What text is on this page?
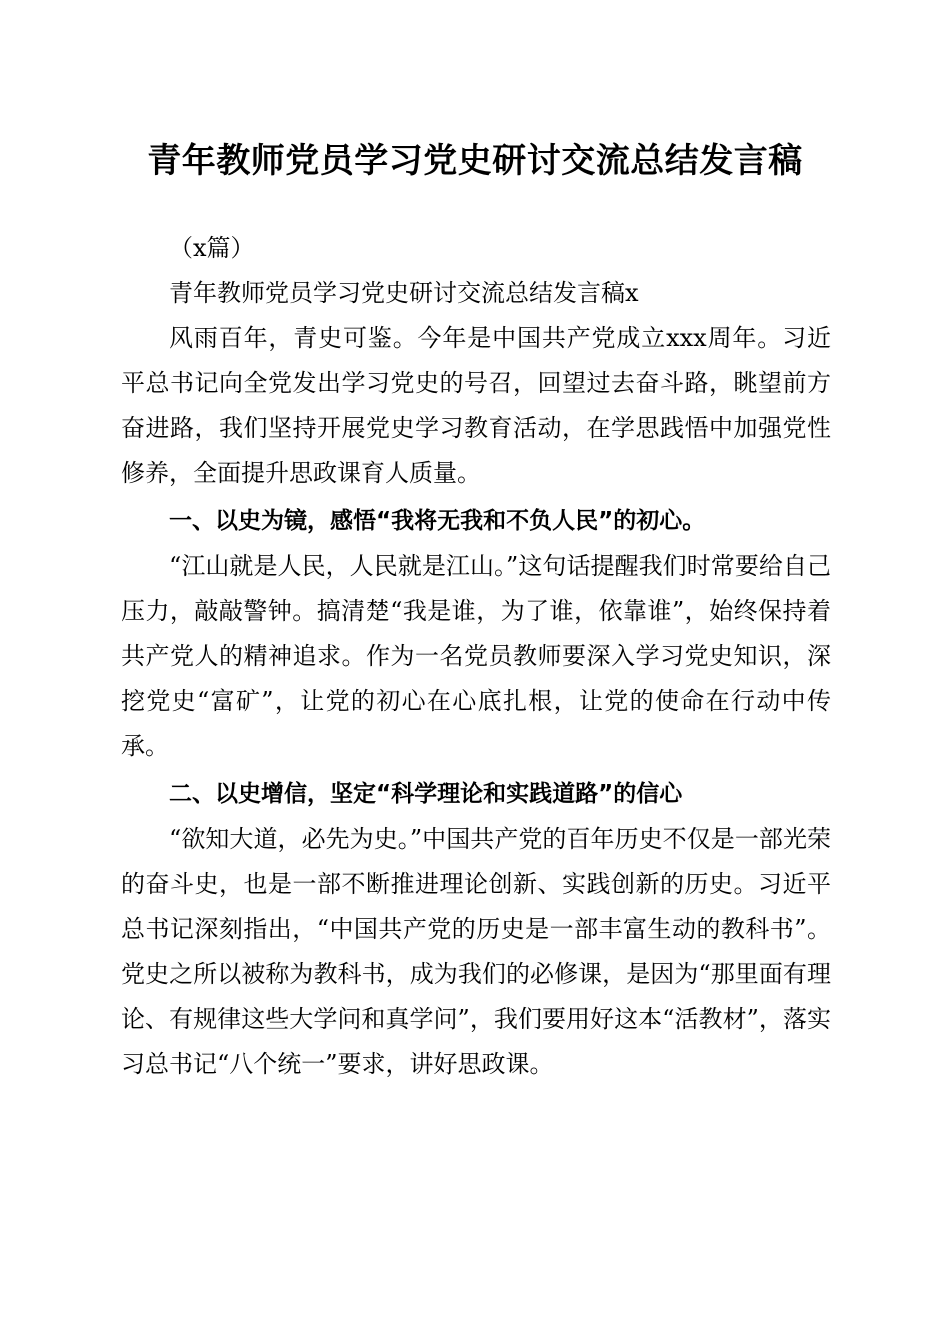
青年教师党员学习党史研讨交流总结发言稿

（x篇）

青年教师党员学习党史研讨交流总结发言稿x

风雨百年，青史可鉴。今年是中国共产党成立xxx周年。习近平总书记向全党发出学习党史的号召，回望过去奋斗路，眺望前方奋进路，我们坚持开展党史学习教育活动，在学思践悟中加强党性修养，全面提升思政课育人质量。

一、以史为镜，感悟“我将无我和不负人民”的初心。

“江山就是人民，人民就是江山。”这句话提醒我们时常要给自己压力，敲敲警钟。搞清楚“我是谁，为了谁，依靠谁”，始终保持着共产党人的精神追求。作为一名党员教师要深入学习党史知识，深挖党史“富矿”，让党的初心在心底扎根，让党的使命在行动中传承。

二、以史增信，坚定“科学理论和实践道路”的信心

“欲知大道，必先为史。”中国共产党的百年历史不仅是一部光荣的奋斗史，也是一部不断推进理论创新、实践创新的历史。习近平总书记深刻指出，“中国共产党的历史是一部丰富生动的教科书”。党史之所以被称为教科书，成为我们的必修课，是因为“那里面有理论、有规律这些大学问和真学问”，我们要用好这本“活教材”，落实习总书记“八个统一”要求，讲好思政课。
